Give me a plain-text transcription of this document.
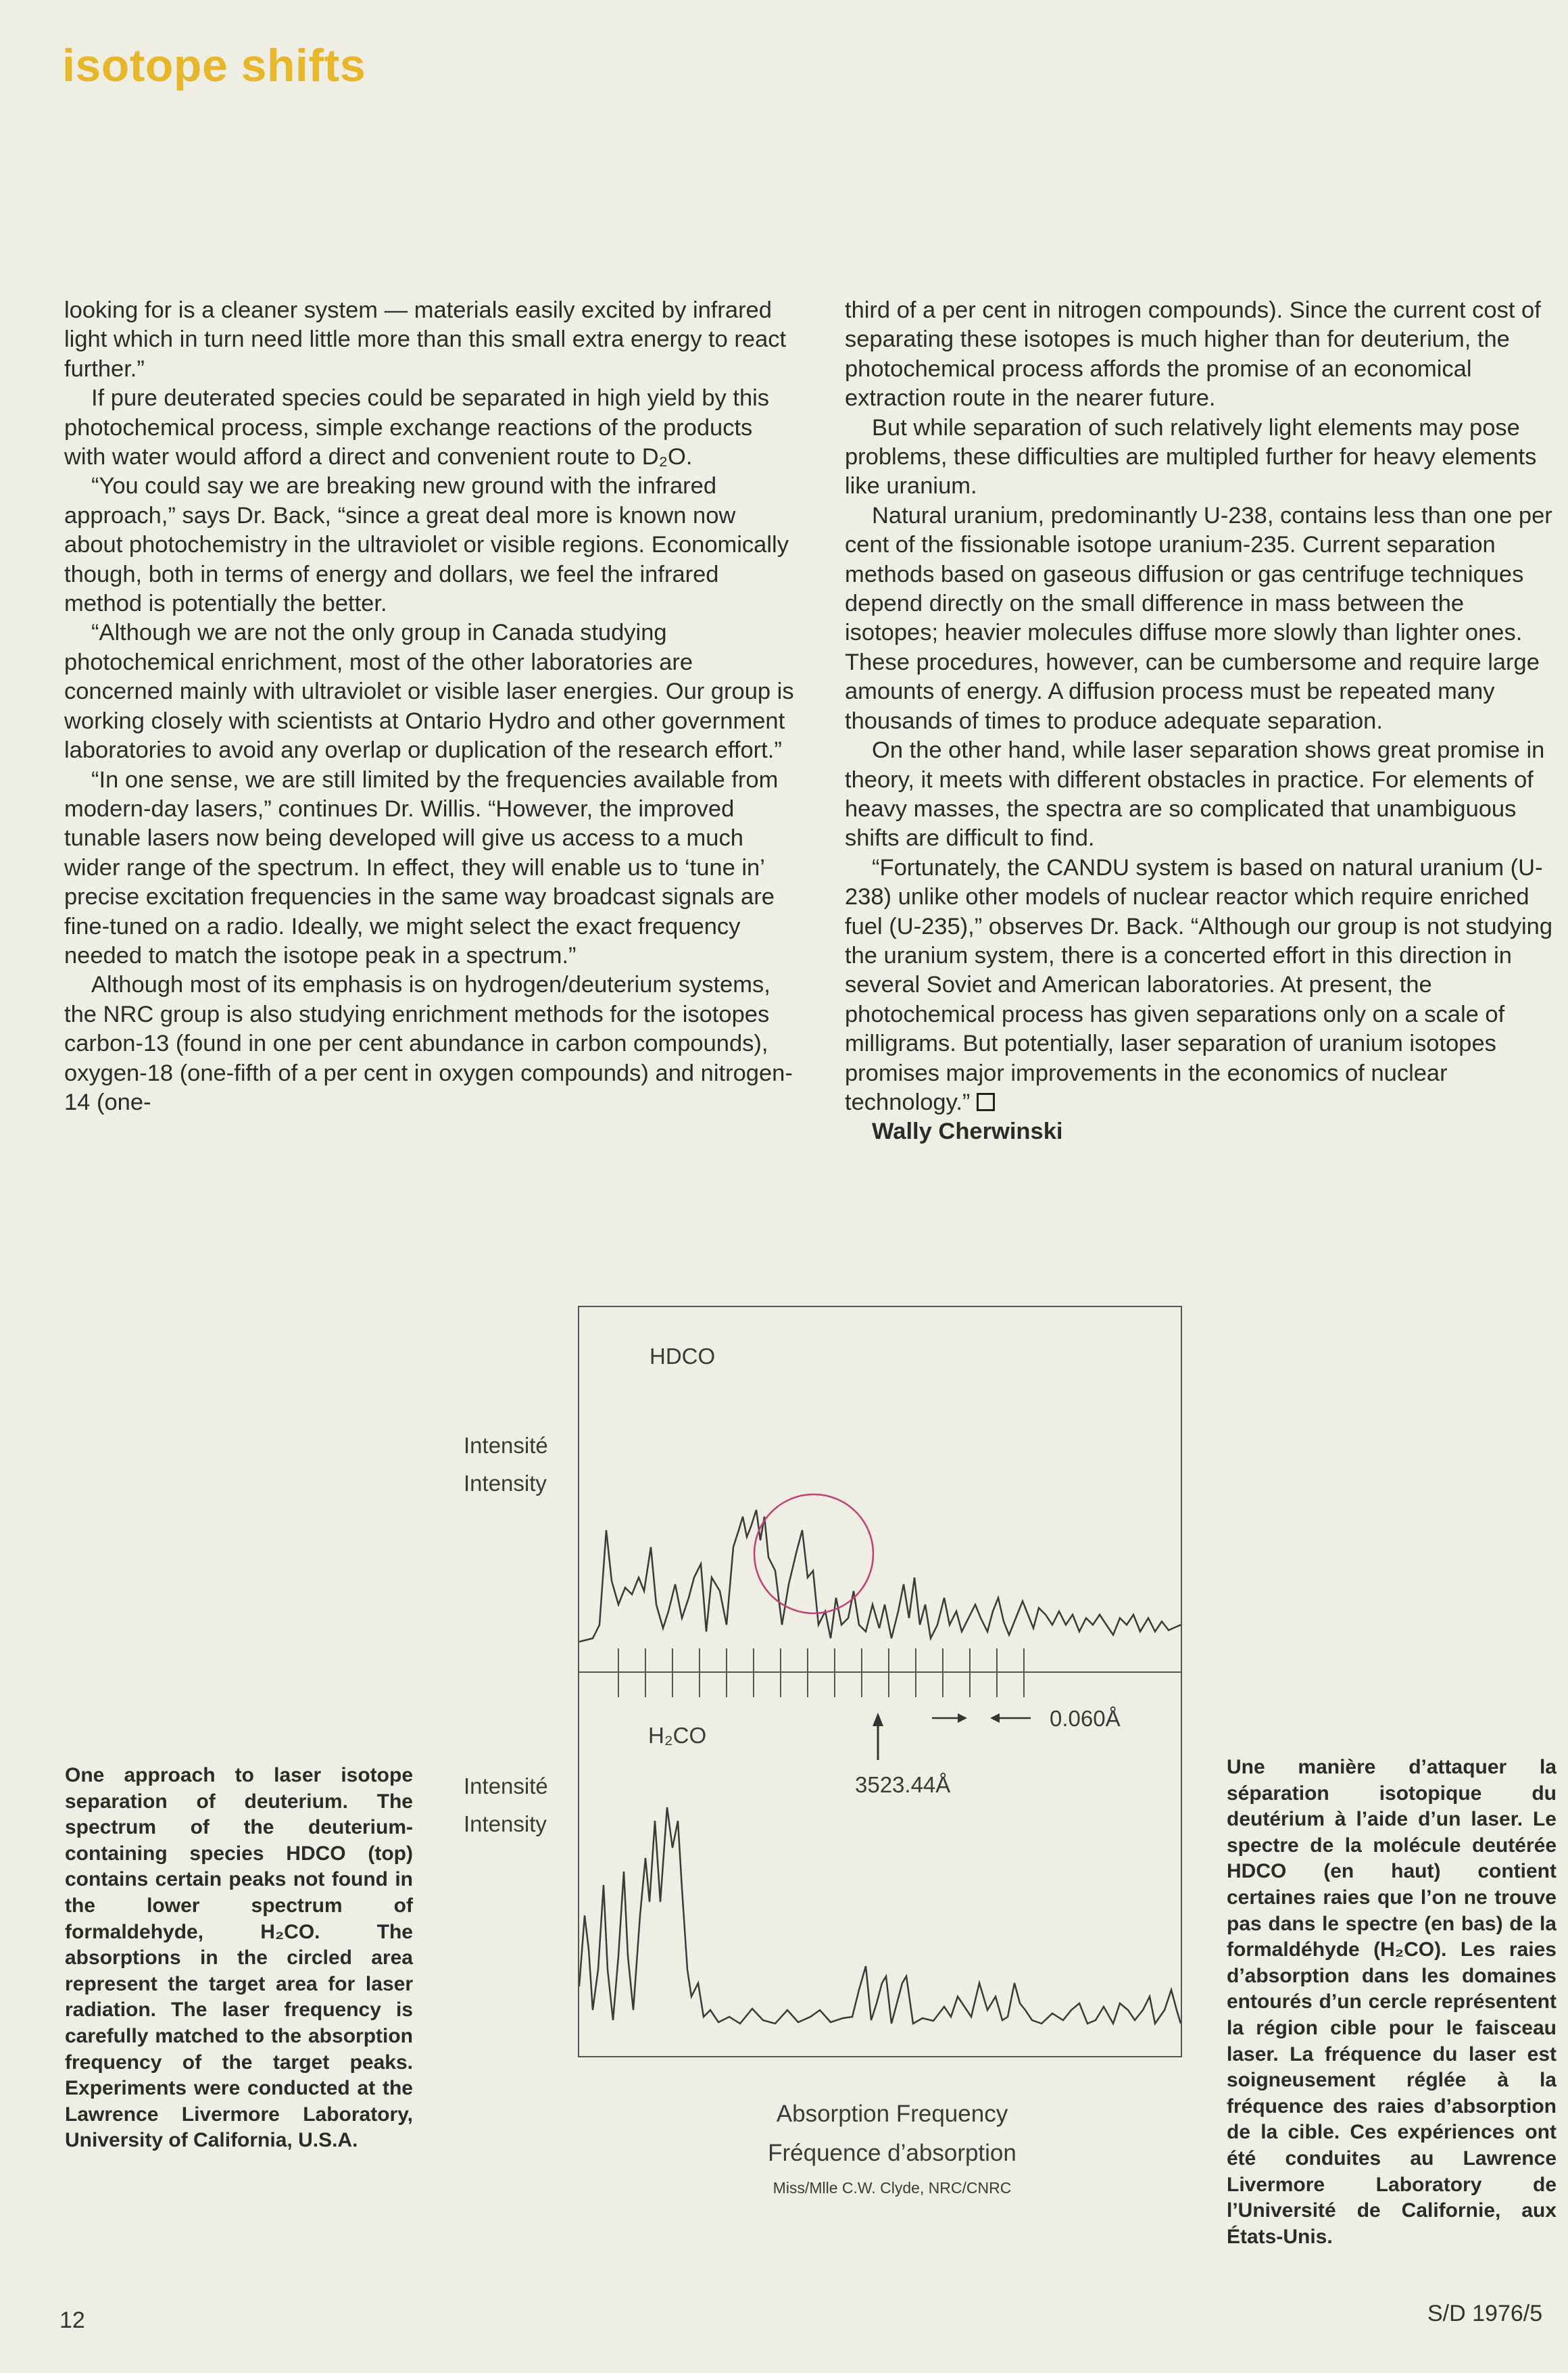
isotope shifts

looking for is a cleaner system — materials easily excited by infrared light which in turn need little more than this small extra energy to react further.”

If pure deuterated species could be separated in high yield by this photochemical process, simple exchange reactions of the products with water would afford a direct and convenient route to D₂O.

“You could say we are breaking new ground with the infrared approach,” says Dr. Back, “since a great deal more is known now about photochemistry in the ultraviolet or visible regions. Economically though, both in terms of energy and dollars, we feel the infrared method is potentially the better.

“Although we are not the only group in Canada studying photochemical enrichment, most of the other laboratories are concerned mainly with ultraviolet or visible laser energies. Our group is working closely with scientists at Ontario Hydro and other government laboratories to avoid any overlap or duplication of the research effort.”

“In one sense, we are still limited by the frequencies available from modern-day lasers,” continues Dr. Willis. “However, the improved tunable lasers now being developed will give us access to a much wider range of the spectrum. In effect, they will enable us to ‘tune in’ precise excitation frequencies in the same way broadcast signals are fine-tuned on a radio. Ideally, we might select the exact frequency needed to match the isotope peak in a spectrum.”

Although most of its emphasis is on hydrogen/deuterium systems, the NRC group is also studying enrichment methods for the isotopes carbon-13 (found in one per cent abundance in carbon compounds), oxygen-18 (one-fifth of a per cent in oxygen compounds) and nitrogen-14 (one-

third of a per cent in nitrogen compounds). Since the current cost of separating these isotopes is much higher than for deuterium, the photochemical process affords the promise of an economical extraction route in the nearer future.

But while separation of such relatively light elements may pose problems, these difficulties are multipled further for heavy elements like uranium.

Natural uranium, predominantly U-238, contains less than one per cent of the fissionable isotope uranium-235. Current separation methods based on gaseous diffusion or gas centrifuge techniques depend directly on the small difference in mass between the isotopes; heavier molecules diffuse more slowly than lighter ones. These procedures, however, can be cumbersome and require large amounts of energy. A diffusion process must be repeated many thousands of times to produce adequate separation.

On the other hand, while laser separation shows great promise in theory, it meets with different obstacles in practice. For elements of heavy masses, the spectra are so complicated that unambiguous shifts are difficult to find.

“Fortunately, the CANDU system is based on natural uranium (U-238) unlike other models of nuclear reactor which require enriched fuel (U-235),” observes Dr. Back. “Although our group is not studying the uranium system, there is a concerted effort in this direction in several Soviet and American laboratories. At present, the photochemical process has given separations only on a scale of milligrams. But potentially, laser separation of uranium isotopes promises major improvements in the economics of nuclear technology.”

Wally Cherwinski

HDCO

H₂CO

3523.44Å

0.060Å

Intensité

Intensity

Intensité

Intensity

Absorption Frequency

Fréquence d’absorption

Miss/Mlle C.W. Clyde, NRC/CNRC

One approach to laser isotope separation of deuterium. The spectrum of the deuterium-containing species HDCO (top) contains certain peaks not found in the lower spectrum of formaldehyde, H₂CO. The absorptions in the circled area represent the target area for laser radiation. The laser frequency is carefully matched to the absorption frequency of the target peaks. Experiments were conducted at the Lawrence Livermore Laboratory, University of California, U.S.A.

Une manière d’attaquer la séparation isotopique du deutérium à l’aide d’un laser. Le spectre de la molécule deutérée HDCO (en haut) contient certaines raies que l’on ne trouve pas dans le spectre (en bas) de la formaldéhyde (H₂CO). Les raies d’absorption dans les domaines entourés d’un cercle représentent la région cible pour le faisceau laser. La fréquence du laser est soigneusement réglée à la fréquence des raies d’absorption de la cible. Ces expériences ont été conduites au Lawrence Livermore Laboratory de l’Université de Californie, aux États-Unis.

12	S/D 1976/5
